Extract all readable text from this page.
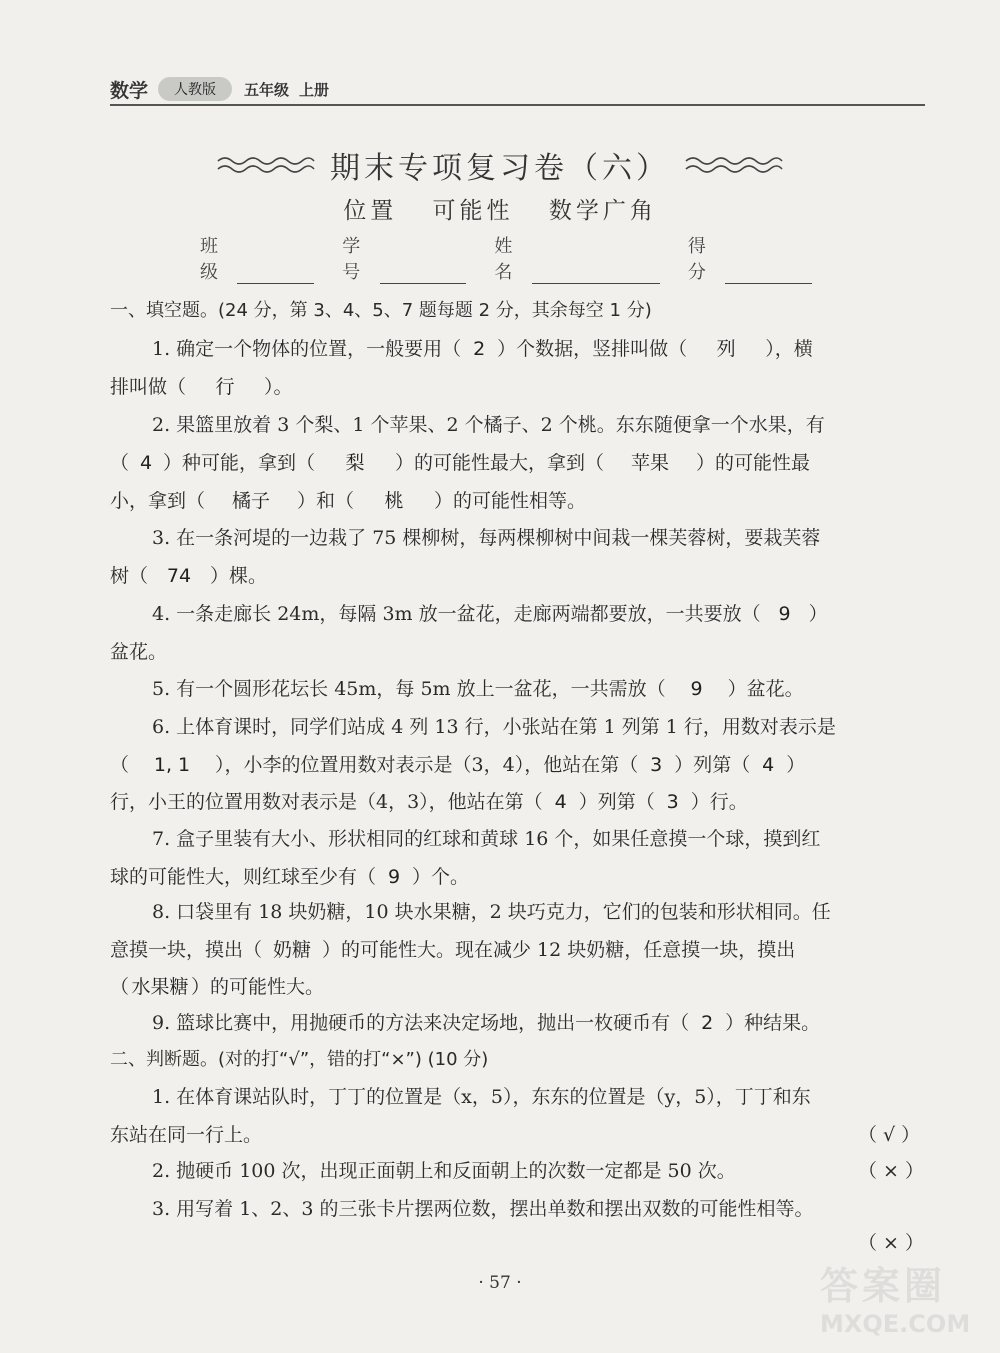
数学	人教版	五年级 上册
期末专项复习卷（六）
位置 可能性 数学广角
班级
学号
姓名
得分
一、填空题。(24 分，第 3、4、5、7 题每题 2 分，其余每空 1 分)
1. 确定一个物体的位置，一般要用（ 2 ）个数据，竖排叫做（ 列 ），横
排叫做（ 行 ）。
2. 果篮里放着 3 个梨、1 个苹果、2 个橘子、2 个桃。东东随便拿一个水果，有
（ 4 ）种可能，拿到（ 梨 ）的可能性最大，拿到（ 苹果 ）的可能性最
小，拿到（ 橘子 ）和（ 桃 ）的可能性相等。
3. 在一条河堤的一边栽了 75 棵柳树，每两棵柳树中间栽一棵芙蓉树，要栽芙蓉
树（ 74 ）棵。
4. 一条走廊长 24m，每隔 3m 放一盆花，走廊两端都要放，一共要放（ 9 ）
盆花。
5. 有一个圆形花坛长 45m，每 5m 放上一盆花，一共需放（ 9 ）盆花。
6. 上体育课时，同学们站成 4 列 13 行，小张站在第 1 列第 1 行，用数对表示是
（ 1, 1 ），小李的位置用数对表示是（3，4），他站在第（ 3 ）列第（ 4 ）
行，小王的位置用数对表示是（4，3），他站在第（ 4 ）列第（ 3 ）行。
7. 盒子里装有大小、形状相同的红球和黄球 16 个，如果任意摸一个球，摸到红
球的可能性大，则红球至少有（ 9 ）个。
8. 口袋里有 18 块奶糖，10 块水果糖，2 块巧克力，它们的包装和形状相同。任
意摸一块，摸出（ 奶糖 ）的可能性大。现在减少 12 块奶糖，任意摸一块，摸出
（ 水果糖 ）的可能性大。
9. 篮球比赛中，用抛硬币的方法来决定场地，抛出一枚硬币有（ 2 ）种结果。
二、判断题。(对的打“√”，错的打“×”) (10 分)
1. 在体育课站队时，丁丁的位置是（x，5），东东的位置是（y，5），丁丁和东
东站在同一行上。	（ √ ）
2. 抛硬币 100 次，出现正面朝上和反面朝上的次数一定都是 50 次。	（ × ）
3. 用写着 1、2、3 的三张卡片摆两位数，摆出单数和摆出双数的可能性相等。
（ × ）
· 57 ·	答案圈
MXQE.COM
